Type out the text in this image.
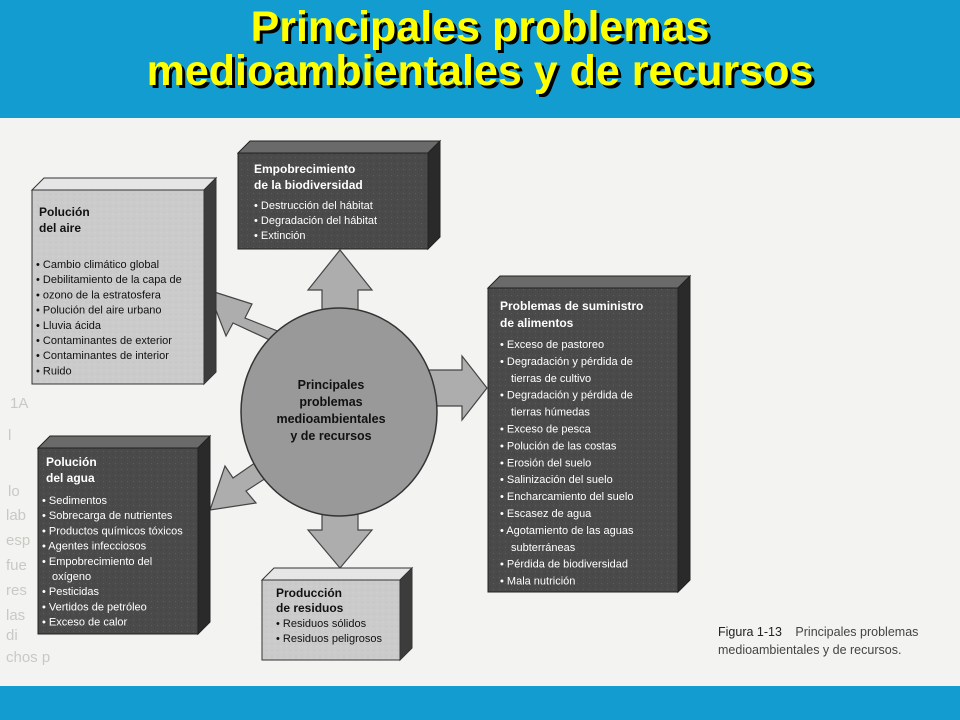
Principales problemas
medioambientales y de recursos
1A
l
lo
lab
esp
fue
res
las
di
chos p
Principales
problemas
medioambientales
y de recursos
Polución
del aire
• Cambio climático global
• Debilitamiento de la capa de
• ozono de la estratosfera
• Polución del aire urbano
• Lluvia ácida
• Contaminantes de exterior
• Contaminantes de interior
• Ruido
Empobrecimiento
de la biodiversidad
• Destrucción del hábitat
• Degradación del hábitat
• Extinción
Problemas de suministro
de alimentos
• Exceso de pastoreo
• Degradación y pérdida de
tierras de cultivo
• Degradación y pérdida de
tierras húmedas
• Exceso de pesca
• Polución de las costas
• Erosión del suelo
• Salinización del suelo
• Encharcamiento del suelo
• Escasez de agua
• Agotamiento de las aguas
subterráneas
• Pérdida de biodiversidad
• Mala nutrición
Polución
del agua
• Sedimentos
• Sobrecarga de nutrientes
• Productos químicos tóxicos
• Agentes infecciosos
• Empobrecimiento del
oxígeno
• Pesticidas
• Vertidos de petróleo
• Exceso de calor
Producción
de residuos
• Residuos sólidos
• Residuos peligrosos	Figura 1-13 Principales problemas
medioambientales y de recursos.
